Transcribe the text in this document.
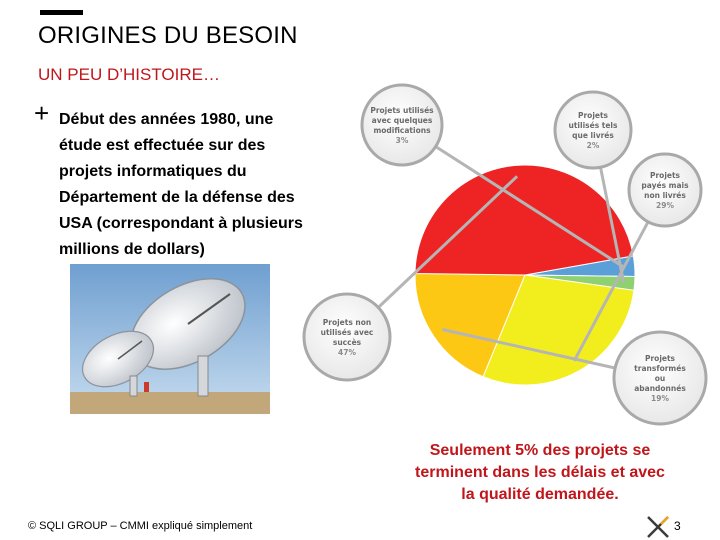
ORIGINES DU BESOIN
UN PEU D’HISTOIRE…
+ Début des années 1980, une
étude est effectuée sur des
projets informatiques du
Département de la défense des
USA (correspondant à plusieurs
millions de dollars)
Projets utilisés
avec quelques
modifications
3%
Projets
utilisés tels
que livrés
2%
Projets
payés mais
non livrés
29%
Projets
transformés
ou
abandonnés
19%
Projets non
utilisés avec
succès
47%
Seulement 5% des projets se
terminent dans les délais et avec
la qualité demandée.
© SQLI GROUP – CMMI expliqué simplement	3
